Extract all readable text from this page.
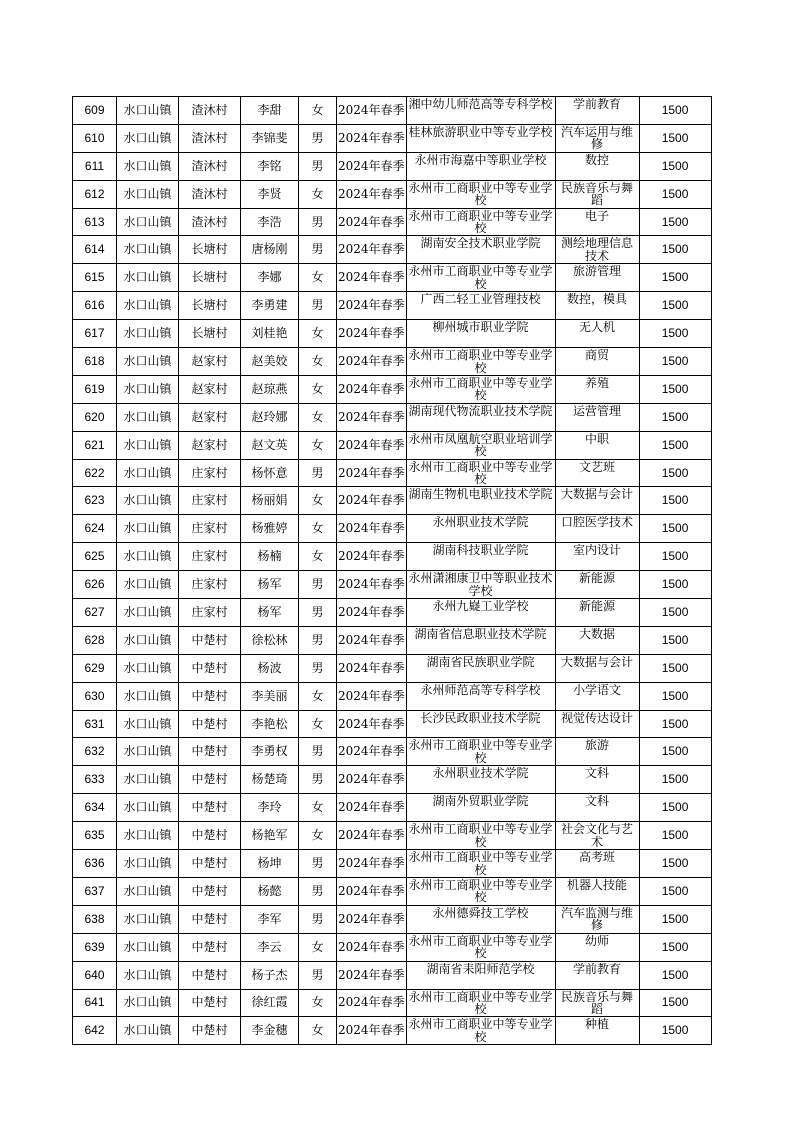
609	水口山镇	渣沐村	李甜	女	2024年春季	湘中幼儿师范高等专科学校	学前教育	1500
610	水口山镇	渣沐村	李锦斐	男	2024年春季	桂林旅游职业中等专业学校	汽车运用与维修	1500
611	水口山镇	渣沐村	李铭	男	2024年春季	永州市海嘉中等职业学校	数控	1500
612	水口山镇	渣沐村	李贤	女	2024年春季	永州市工商职业中等专业学校	民族音乐与舞蹈	1500
613	水口山镇	渣沐村	李浩	男	2024年春季	永州市工商职业中等专业学校	电子	1500
614	水口山镇	长塘村	唐杨刚	男	2024年春季	湖南安全技术职业学院	测绘地理信息技术	1500
615	水口山镇	长塘村	李娜	女	2024年春季	永州市工商职业中等专业学校	旅游管理	1500
616	水口山镇	长塘村	李勇建	男	2024年春季	广西二轻工业管理技校	数控，模具	1500
617	水口山镇	长塘村	刘桂艳	女	2024年春季	柳州城市职业学院	无人机	1500
618	水口山镇	赵家村	赵美姣	女	2024年春季	永州市工商职业中等专业学校	商贸	1500
619	水口山镇	赵家村	赵琼燕	女	2024年春季	永州市工商职业中等专业学校	养殖	1500
620	水口山镇	赵家村	赵玲娜	女	2024年春季	湖南现代物流职业技术学院	运营管理	1500
621	水口山镇	赵家村	赵文英	女	2024年春季	永州市凤凰航空职业培训学校	中职	1500
622	水口山镇	庄家村	杨怀意	男	2024年春季	永州市工商职业中等专业学校	文艺班	1500
623	水口山镇	庄家村	杨丽娟	女	2024年春季	湖南生物机电职业技术学院	大数据与会计	1500
624	水口山镇	庄家村	杨雅婷	女	2024年春季	永州职业技术学院	口腔医学技术	1500
625	水口山镇	庄家村	杨楠	女	2024年春季	湖南科技职业学院	室内设计	1500
626	水口山镇	庄家村	杨军	男	2024年春季	永州潇湘康卫中等职业技术学校	新能源	1500
627	水口山镇	庄家村	杨军	男	2024年春季	永州九嶷工业学校	新能源	1500
628	水口山镇	中楚村	徐松林	男	2024年春季	湖南省信息职业技术学院	大数据	1500
629	水口山镇	中楚村	杨波	男	2024年春季	湖南省民族职业学院	大数据与会计	1500
630	水口山镇	中楚村	李美丽	女	2024年春季	永州师范高等专科学校	小学语文	1500
631	水口山镇	中楚村	李艳松	女	2024年春季	长沙民政职业技术学院	视觉传达设计	1500
632	水口山镇	中楚村	李勇权	男	2024年春季	永州市工商职业中等专业学校	旅游	1500
633	水口山镇	中楚村	杨楚琦	男	2024年春季	永州职业技术学院	文科	1500
634	水口山镇	中楚村	李玲	女	2024年春季	湖南外贸职业学院	文科	1500
635	水口山镇	中楚村	杨艳军	女	2024年春季	永州市工商职业中等专业学校	社会文化与艺术	1500
636	水口山镇	中楚村	杨坤	男	2024年春季	永州市工商职业中等专业学校	高考班	1500
637	水口山镇	中楚村	杨懿	男	2024年春季	永州市工商职业中等专业学校	机器人技能	1500
638	水口山镇	中楚村	李军	男	2024年春季	永州德舜技工学校	汽车监测与维修	1500
639	水口山镇	中楚村	李云	女	2024年春季	永州市工商职业中等专业学校	幼师	1500
640	水口山镇	中楚村	杨子杰	男	2024年春季	湖南省耒阳师范学校	学前教育	1500
641	水口山镇	中楚村	徐红霞	女	2024年春季	永州市工商职业中等专业学校	民族音乐与舞蹈	1500
642	水口山镇	中楚村	李金穗	女	2024年春季	永州市工商职业中等专业学校	种植	1500
